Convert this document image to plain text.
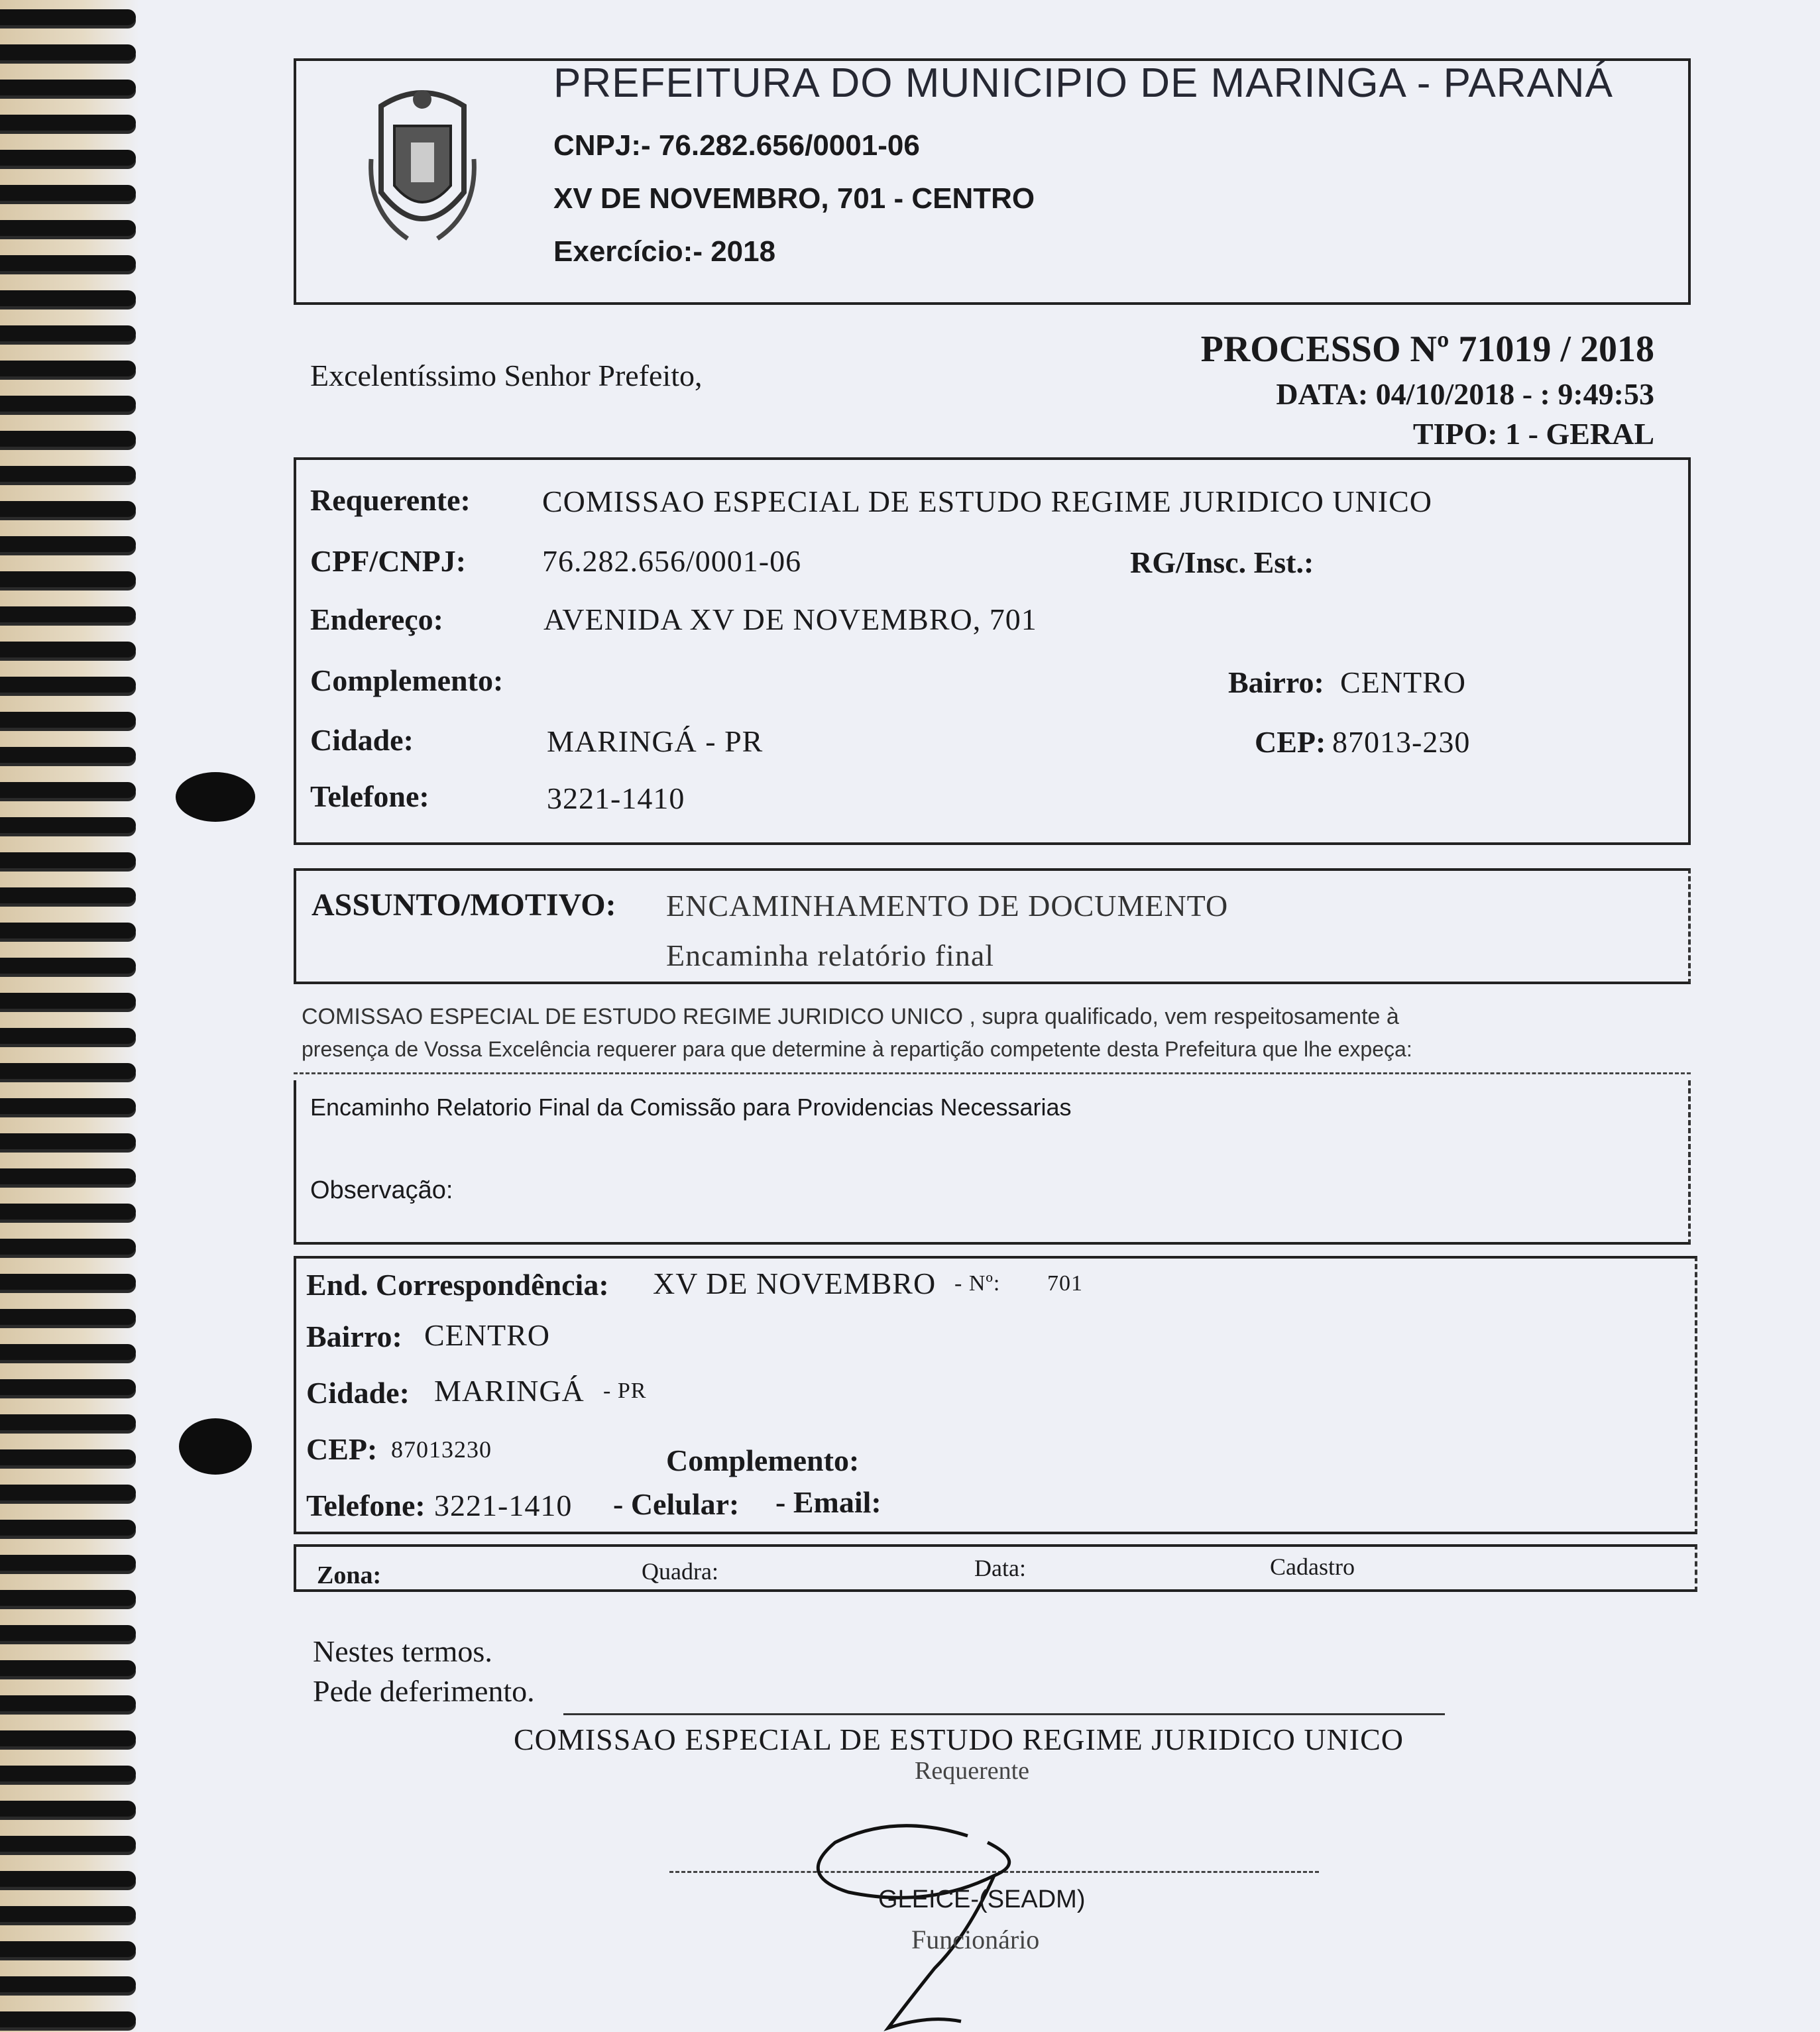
PREFEITURA DO MUNICIPIO DE MARINGA - PARANÁ
CNPJ:- 76.282.656/0001-06
XV DE NOVEMBRO, 701 - CENTRO
Exercício:- 2018
Excelentíssimo Senhor Prefeito,
PROCESSO Nº 71019 / 2018
DATA: 04/10/2018 - : 9:49:53
TIPO: 1 - GERAL
Requerente: COMISSAO ESPECIAL DE ESTUDO REGIME JURIDICO UNICO
CPF/CNPJ: 76.282.656/0001-06	RG/Insc. Est.:
Endereço:	AVENIDA XV DE NOVEMBRO, 701
Complemento:	Bairro: CENTRO
Cidade:	MARINGÁ - PR	CEP: 87013-230
Telefone:	3221-1410
ASSUNTO/MOTIVO: ENCAMINHAMENTO DE DOCUMENTO
Encaminha relatório final
COMISSAO ESPECIAL DE ESTUDO REGIME JURIDICO UNICO , supra qualificado, vem respeitosamente à
presença de Vossa Excelência requerer para que determine à repartição competente desta Prefeitura que lhe expeça:
Encaminho Relatorio Final da Comissão para Providencias Necessarias
Observação:
End. Correspondência: XV DE NOVEMBRO - Nº: 701
Bairro: CENTRO
Cidade: MARINGÁ - PR
CEP: 87013230	Complemento:
Telefone: 3221-1410 - Celular: - Email:
Zona:	Quadra:	Data:	Cadastro
Nestes termos.
Pede deferimento.
COMISSAO ESPECIAL DE ESTUDO REGIME JURIDICO UNICO
Requerente
GLEICE-(SEADM)
Funcionário
